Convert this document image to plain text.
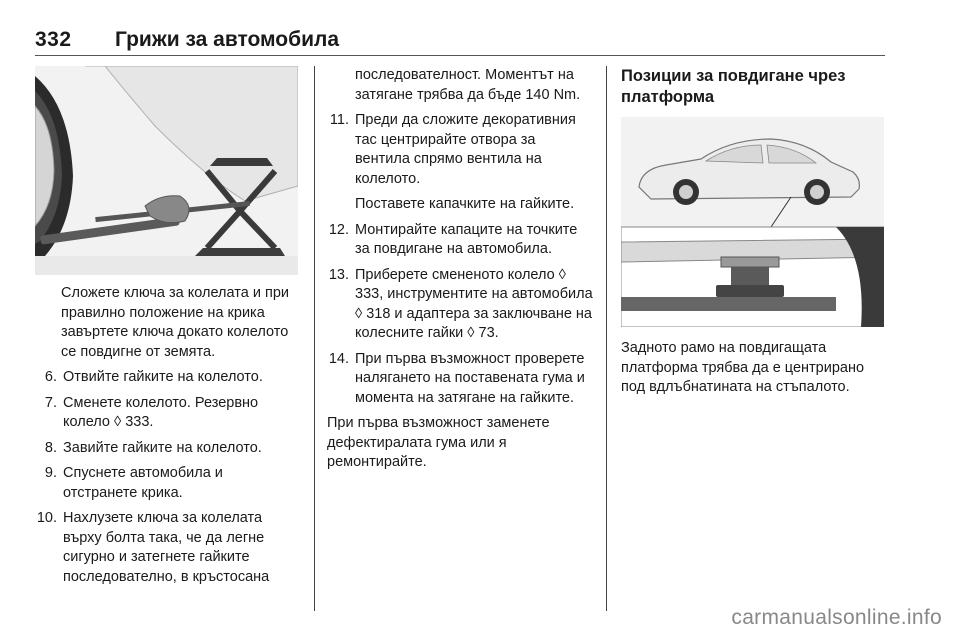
332 Грижи за автомобила

Сложете ключа за колелата и при правилно положение на крика завъртете ключа докато колелото се повдигне от земята.

6. Отвийте гайките на колелото.
7. Сменете колелото. Резервно колело ◊ 333.
8. Завийте гайките на колелото.
9. Спуснете автомобила и отстранете крика.
10. Нахлузете ключа за колелата върху болта така, че да легне сигурно и затегнете гайките последователно, в кръстосана

последователност. Моментът на затягане трябва да бъде 140 Nm.

11. Преди да сложите декоративния тас центрирайте отвора за вентила спрямо вентила на колелото.
Поставете капачките на гайките.
12. Монтирайте капаците на точките за повдигане на автомобила.
13. Приберете смененото колело ◊ 333, инструментите на автомобила ◊ 318 и адаптера за заключване на колесните гайки ◊ 73.
14. При първа възможност проверете налягането на поставената гума и момента на затягане на гайките.

При първа възможност заменете дефектиралата гума или я ремонтирайте.

Позиции за повдигане чрез платформа
Задното рамо на повдигащата платформа трябва да е центрирано под вдлъбнатината на стъпалото.
carmanualsonline.info
